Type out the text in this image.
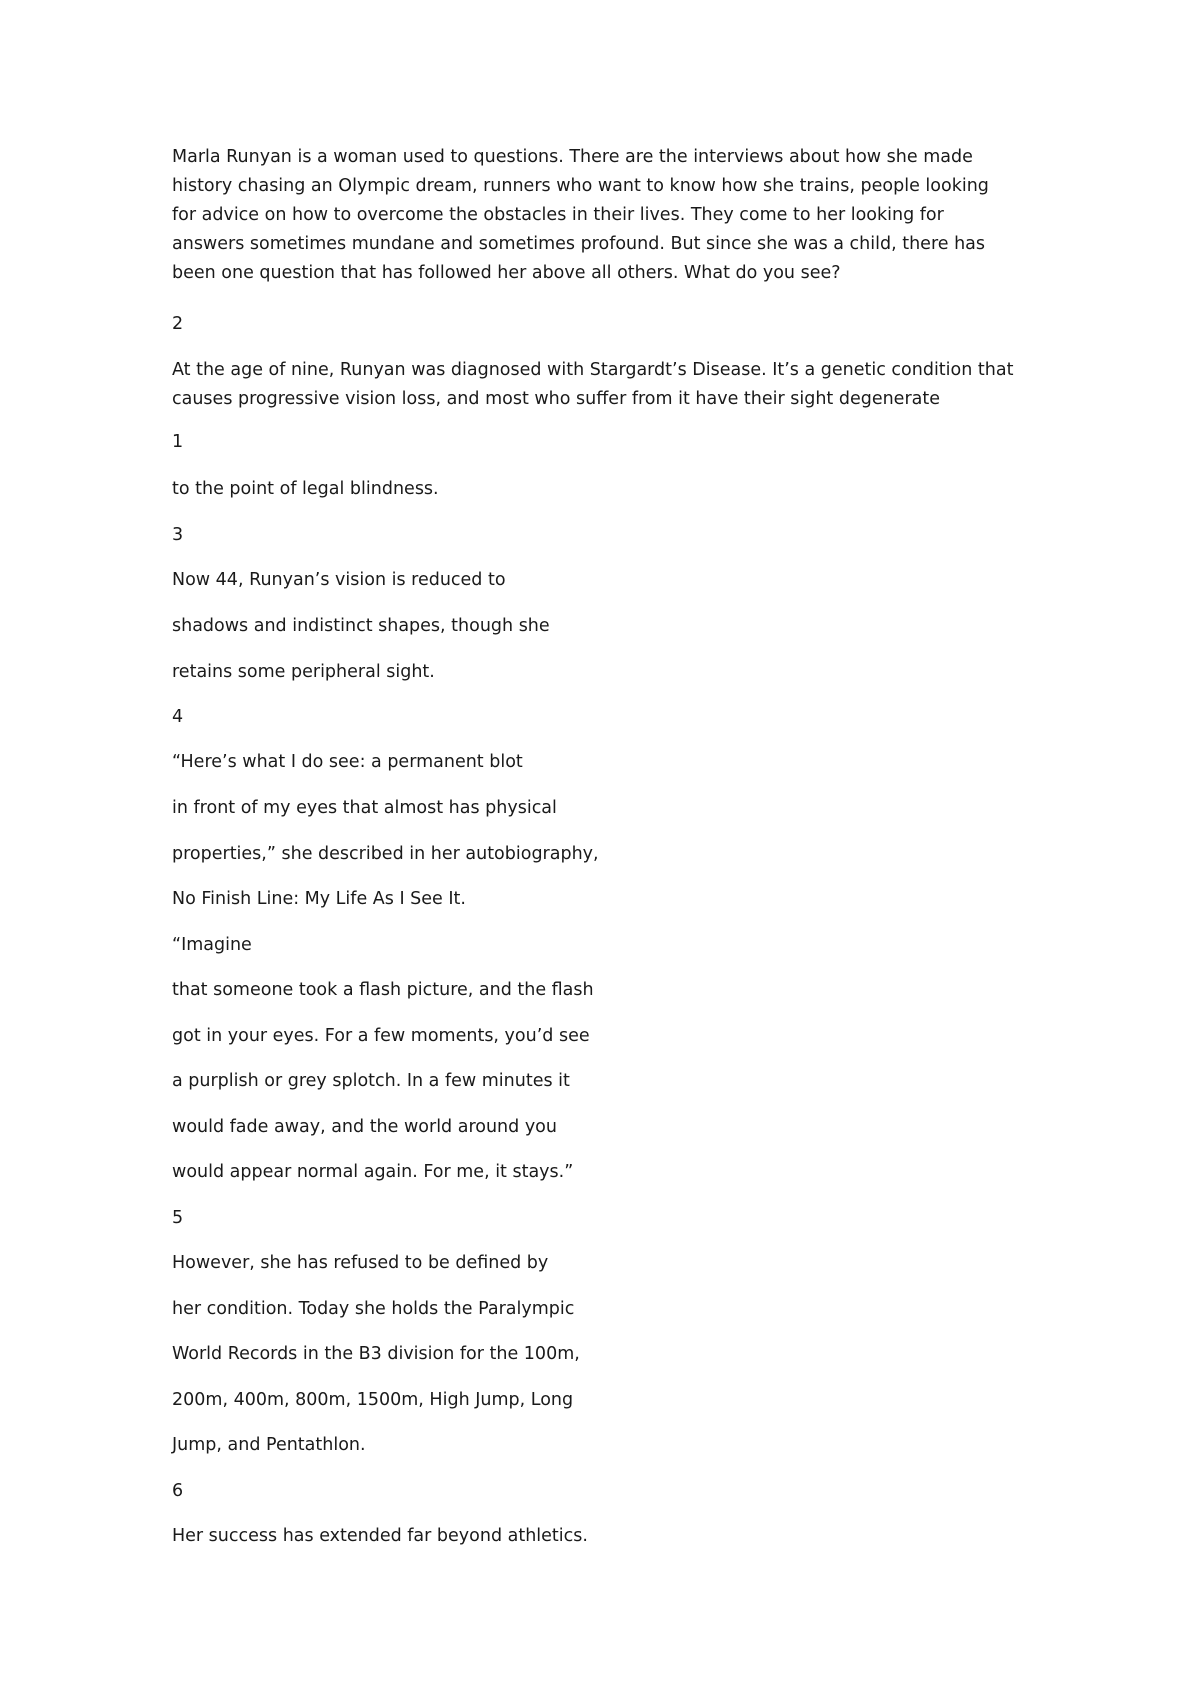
Marla Runyan is a woman used to questions. There are the interviews about how she made
history chasing an Olympic dream, runners who want to know how she trains, people looking
for advice on how to overcome the obstacles in their lives. They come to her looking for
answers sometimes mundane and sometimes profound. But since she was a child, there has
been one question that has followed her above all others. What do you see?

2

At the age of nine, Runyan was diagnosed with Stargardt’s Disease. It’s a genetic condition that
causes progressive vision loss, and most who suffer from it have their sight degenerate

1

to the point of legal blindness.

3

Now 44, Runyan’s vision is reduced to

shadows and indistinct shapes, though she

retains some peripheral sight.

4

“Here’s what I do see: a permanent blot

in front of my eyes that almost has physical

properties,” she described in her autobiography,

No Finish Line: My Life As I See It.

“Imagine

that someone took a flash picture, and the flash

got in your eyes. For a few moments, you’d see

a purplish or grey splotch. In a few minutes it

would fade away, and the world around you

would appear normal again. For me, it stays.”

5

However, she has refused to be defined by

her condition. Today she holds the Paralympic

World Records in the B3 division for the 100m,

200m, 400m, 800m, 1500m, High Jump, Long

Jump, and Pentathlon.

6

Her success has extended far beyond athletics.
